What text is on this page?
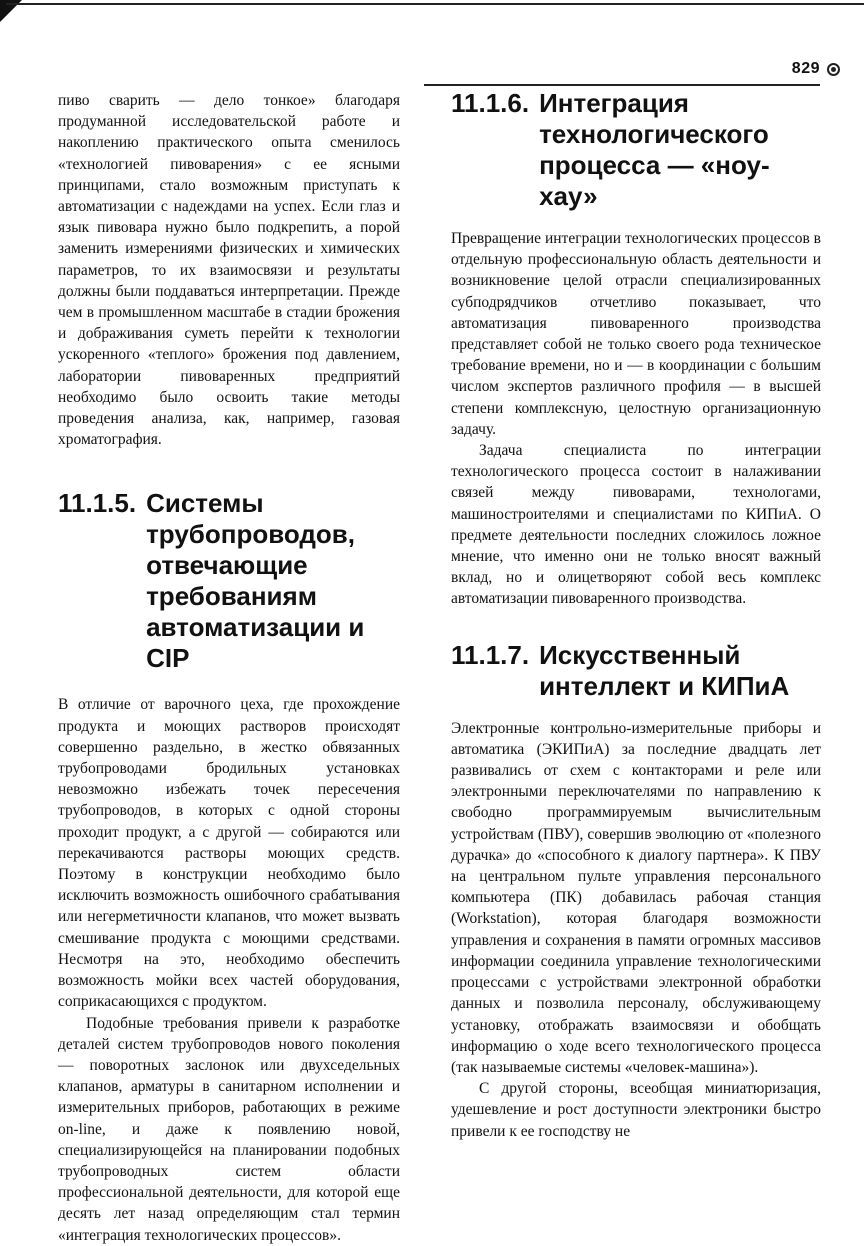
829

пиво сварить — дело тонкое» благодаря продуманной исследовательской работе и накоплению практического опыта сменилось «технологией пивоварения» с ее ясными принципами, стало возможным приступать к автоматизации с надеждами на успех. Если глаз и язык пивовара нужно было подкрепить, а порой заменить измерениями физических и химических параметров, то их взаимосвязи и результаты должны были поддаваться интерпретации. Прежде чем в промышленном масштабе в стадии брожения и дображивания суметь перейти к технологии ускоренного «теплого» брожения под давлением, лаборатории пивоваренных предприятий необходимо было освоить такие методы проведения анализа, как, например, газовая хроматография.

11.1.5. Системы трубопроводов, отвечающие требованиям автоматизации и CIP

В отличие от варочного цеха, где прохождение продукта и моющих растворов происходят совершенно раздельно, в жестко обвязанных трубопроводами бродильных установках невозможно избежать точек пересечения трубопроводов, в которых с одной стороны проходит продукт, а с другой — собираются или перекачиваются растворы моющих средств. Поэтому в конструкции необходимо было исключить возможность ошибочного срабатывания или негерметичности клапанов, что может вызвать смешивание продукта с моющими средствами. Несмотря на это, необходимо обеспечить возможность мойки всех частей оборудования, соприкасающихся с продуктом.

Подобные требования привели к разработке деталей систем трубопроводов нового поколения — поворотных заслонок или двухседельных клапанов, арматуры в санитарном исполнении и измерительных приборов, работающих в режиме on-line, и даже к появлению новой, специализирующейся на планировании подобных трубопроводных систем области профессиональной деятельности, для которой еще десять лет назад определяющим стал термин «интеграция технологических процессов».

11.1.6. Интеграция технологического процесса — «ноу-хау»

Превращение интеграции технологических процессов в отдельную профессиональную область деятельности и возникновение целой отрасли специализированных субподрядчиков отчетливо показывает, что автоматизация пивоваренного производства представляет собой не только своего рода техническое требование времени, но и — в координации с большим числом экспертов различного профиля — в высшей степени комплексную, целостную организационную задачу.

Задача специалиста по интеграции технологического процесса состоит в налаживании связей между пивоварами, технологами, машиностроителями и специалистами по КИПиА. О предмете деятельности последних сложилось ложное мнение, что именно они не только вносят важный вклад, но и олицетворяют собой весь комплекс автоматизации пивоваренного производства.

11.1.7. Искусственный интеллект и КИПиА

Электронные контрольно-измерительные приборы и автоматика (ЭКИПиА) за последние двадцать лет развивались от схем с контакторами и реле или электронными переключателями по направлению к свободно программируемым вычислительным устройствам (ПВУ), совершив эволюцию от «полезного дурачка» до «способного к диалогу партнера». К ПВУ на центральном пульте управления персонального компьютера (ПК) добавилась рабочая станция (Workstation), которая благодаря возможности управления и сохранения в памяти огромных массивов информации соединила управление технологическими процессами с устройствами электронной обработки данных и позволила персоналу, обслуживающему установку, отображать взаимосвязи и обобщать информацию о ходе всего технологического процесса (так называемые системы «человек-машина»).

С другой стороны, всеобщая миниатюризация, удешевление и рост доступности электроники быстро привели к ее господству не
